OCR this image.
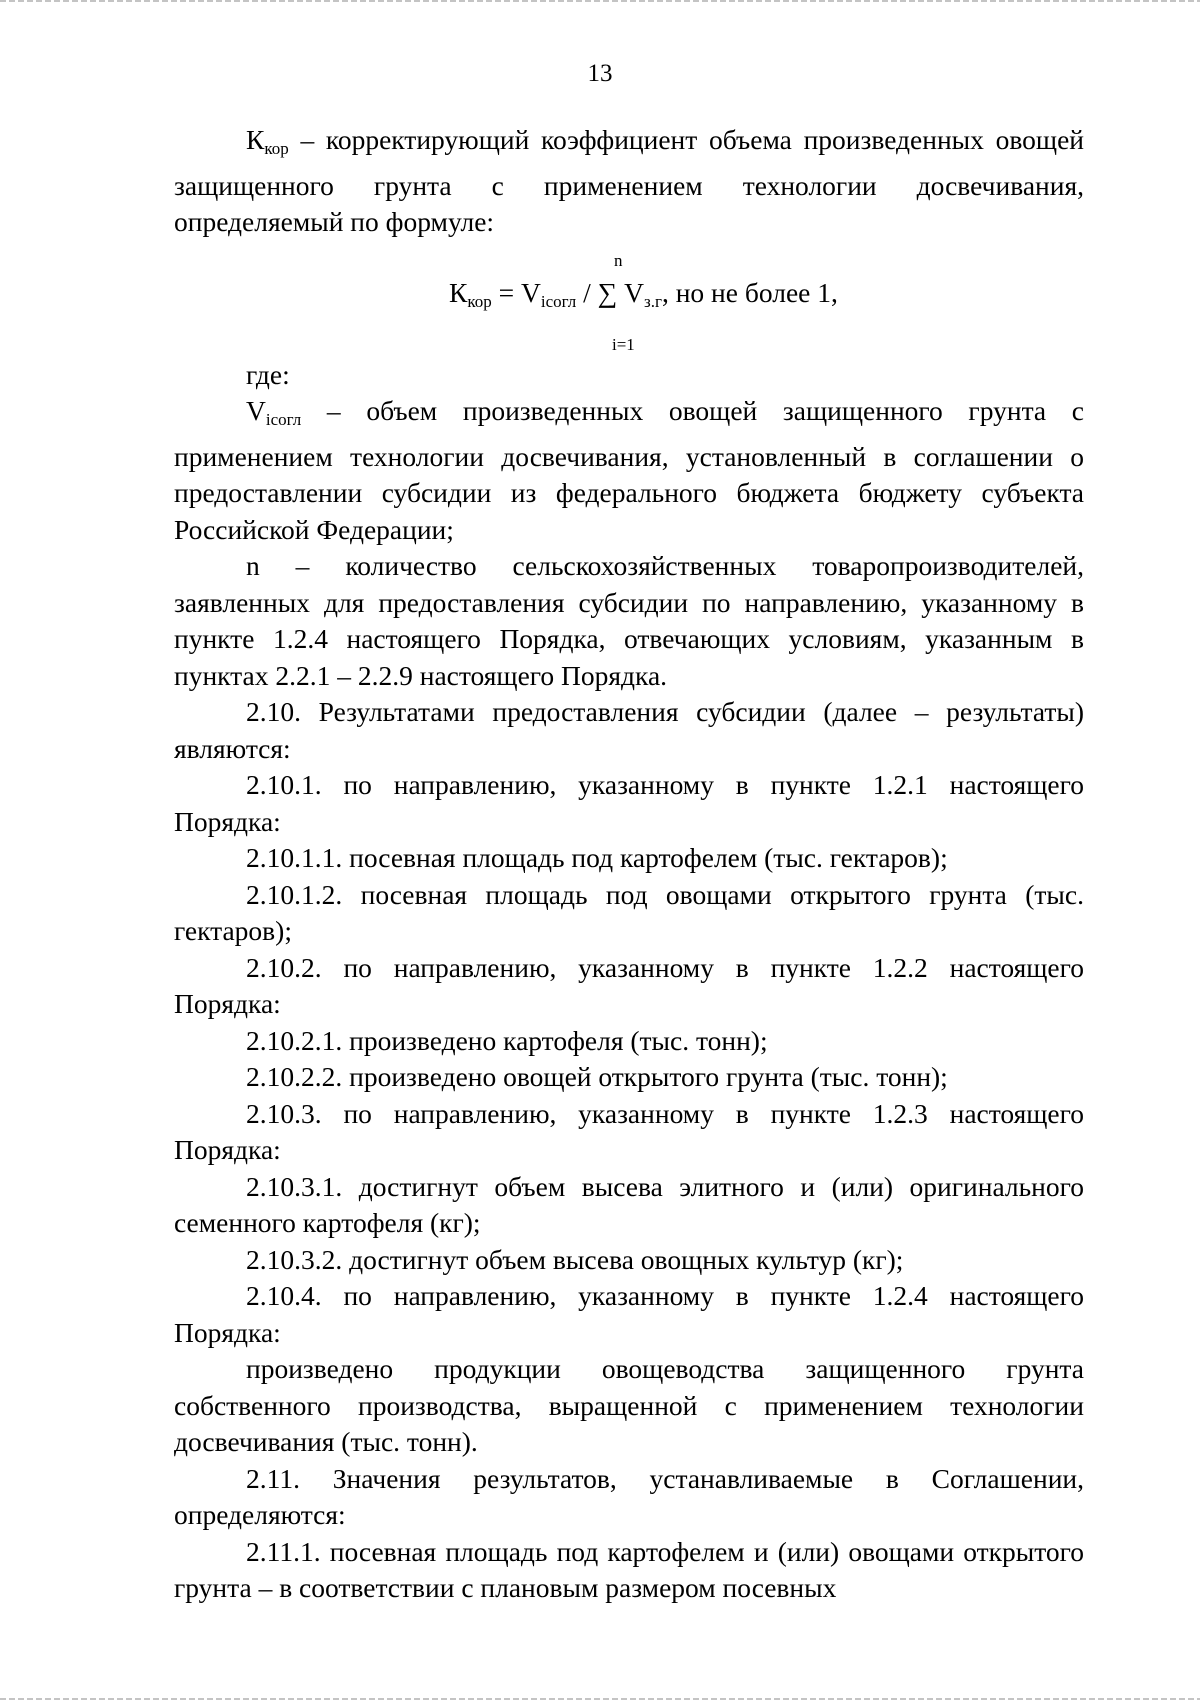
13

$К_{кор}$ – корректирующий коэффициент объема произведенных овощей защищенного грунта с применением технологии досвечивания, определяемый по формуле:

n
$К_{кор} = V_{iсогл}$ / ∑ $V_{з.г}$, но не более 1,
i=1

где:

$V_{iсогл}$ – объем произведенных овощей защищенного грунта с применением технологии досвечивания, установленный в соглашении о предоставлении субсидии из федерального бюджета бюджету субъекта Российской Федерации;

n – количество сельскохозяйственных товаропроизводителей, заявленных для предоставления субсидии по направлению, указанному в пункте 1.2.4 настоящего Порядка, отвечающих условиям, указанным в пунктах 2.2.1 – 2.2.9 настоящего Порядка.

2.10. Результатами предоставления субсидии (далее – результаты) являются:

2.10.1. по направлению, указанному в пункте 1.2.1 настоящего Порядка:

2.10.1.1. посевная площадь под картофелем (тыс. гектаров);

2.10.1.2. посевная площадь под овощами открытого грунта (тыс. гектаров);

2.10.2. по направлению, указанному в пункте 1.2.2 настоящего Порядка:

2.10.2.1. произведено картофеля (тыс. тонн);

2.10.2.2. произведено овощей открытого грунта (тыс. тонн);

2.10.3. по направлению, указанному в пункте 1.2.3 настоящего Порядка:

2.10.3.1. достигнут объем высева элитного и (или) оригинального семенного картофеля (кг);

2.10.3.2. достигнут объем высева овощных культур (кг);

2.10.4. по направлению, указанному в пункте 1.2.4 настоящего Порядка:

произведено продукции овощеводства защищенного грунта собственного производства, выращенной с применением технологии досвечивания (тыс. тонн).

2.11. Значения результатов, устанавливаемые в Соглашении, определяются:

2.11.1. посевная площадь под картофелем и (или) овощами открытого грунта – в соответствии с плановым размером посевных
